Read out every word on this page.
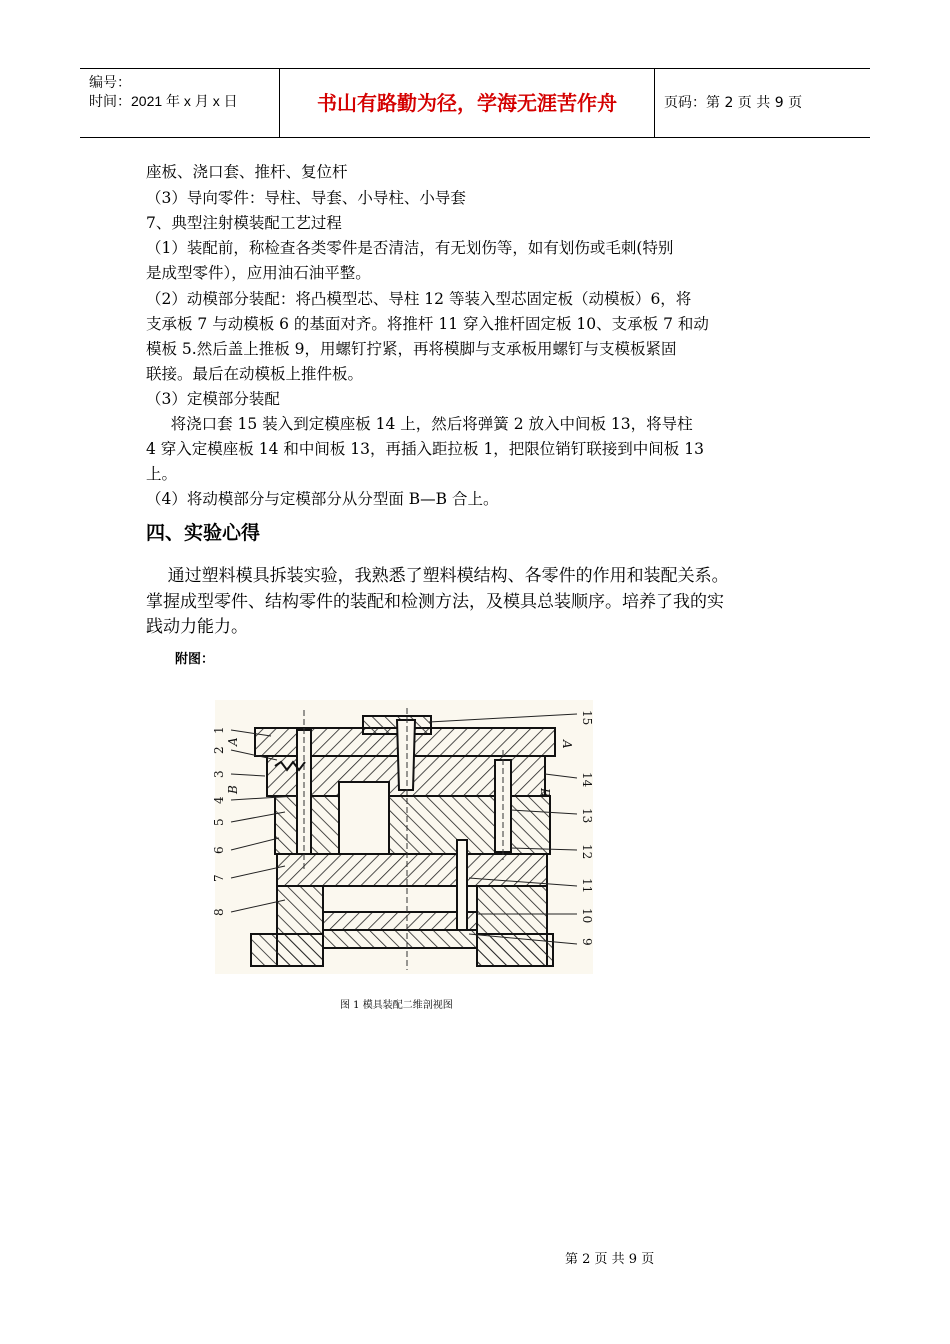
编号：
时间：2021 年 x 月 x 日	书山有路勤为径，学海无涯苦作舟	页码：第 2 页 共 9 页
座板、浇口套、推杆、复位杆
（3）导向零件：导柱、导套、小导柱、小导套
7、典型注射模装配工艺过程
（1）装配前，称检查各类零件是否清洁，有无划伤等，如有划伤或毛刺(特别
是成型零件），应用油石油平整。
（2）动模部分装配：将凸模型芯、导柱 12 等装入型芯固定板（动模板）6，将
支承板 7 与动模板 6 的基面对齐。将推杆 11 穿入推杆固定板 10、支承板 7 和动
模板 5.然后盖上推板 9，用螺钉拧紧，再将模脚与支承板用螺钉与支模板紧固
联接。最后在动模板上推件板。
（3）定模部分装配
将浇口套 15 装入到定模座板 14 上，然后将弹簧 2 放入中间板 13，将导柱
4 穿入定模座板 14 和中间板 13，再插入距拉板 1，把限位销钉联接到中间板 13
上。
（4）将动模部分与定模部分从分型面 B—B 合上。
四、实验心得
通过塑料模具拆装实验，我熟悉了塑料模结构、各零件的作用和装配关系。
掌握成型零件、结构零件的装配和检测方法，及模具总装顺序。培养了我的实
践动力能力。
附图：
1
2
A
3
B
4
5
6
7
8
15
A
14
B
13
12
11
10
9
图 1 模具装配二维剖视图
第 2 页 共 9 页
